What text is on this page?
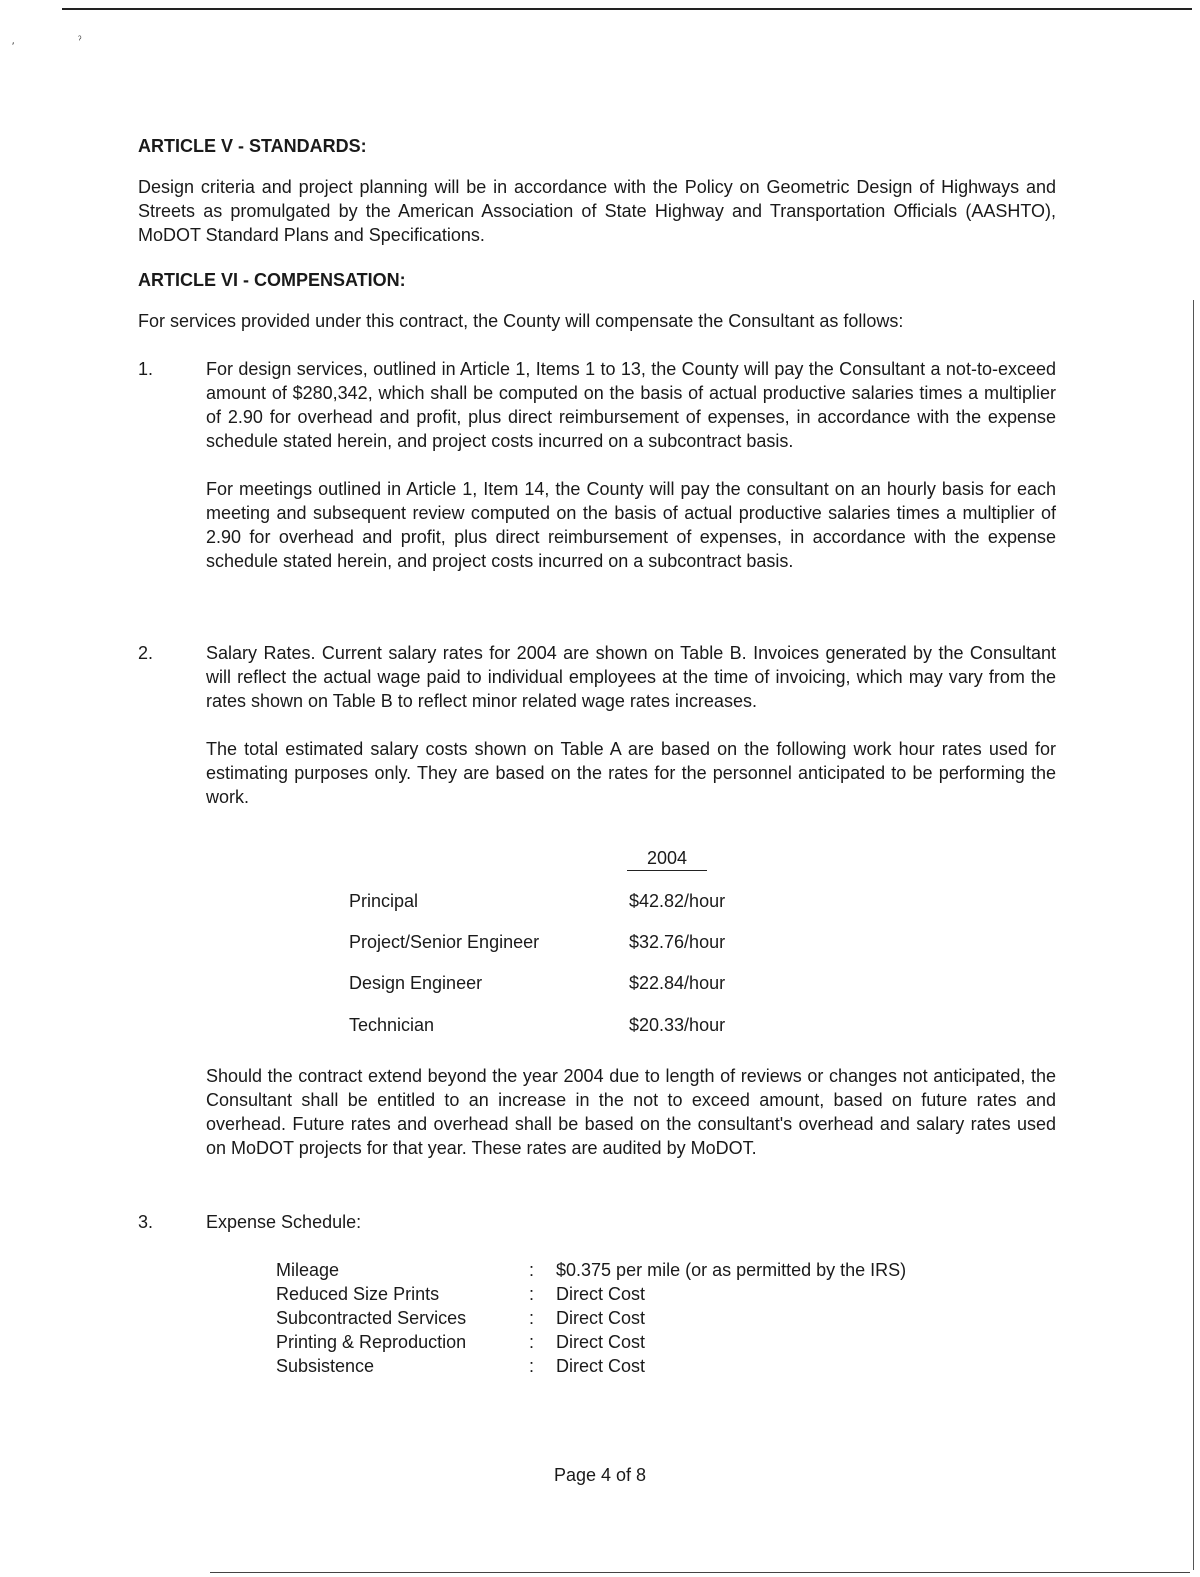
⸴	ˀ
ARTICLE V - STANDARDS:

Design criteria and project planning will be in accordance with the Policy on Geometric Design of Highways and Streets as promulgated by the American Association of State Highway and Transportation Officials (AASHTO), MoDOT Standard Plans and Specifications.

ARTICLE VI - COMPENSATION:

For services provided under this contract, the County will compensate the Consultant as follows:

1.	For design services, outlined in Article 1, Items 1 to 13, the County will pay the Consultant a not-to-exceed amount of $280,342, which shall be computed on the basis of actual productive salaries times a multiplier of 2.90 for overhead and profit, plus direct reimbursement of expenses, in accordance with the expense schedule stated herein, and project costs incurred on a subcontract basis.

For meetings outlined in Article 1, Item 14, the County will pay the consultant on an hourly basis for each meeting and subsequent review computed on the basis of actual productive salaries times a multiplier of 2.90 for overhead and profit, plus direct reimbursement of expenses, in accordance with the expense schedule stated herein, and project costs incurred on a subcontract basis.

2.	Salary Rates. Current salary rates for 2004 are shown on Table B. Invoices generated by the Consultant will reflect the actual wage paid to individual employees at the time of invoicing, which may vary from the rates shown on Table B to reflect minor related wage rates increases.

The total estimated salary costs shown on Table A are based on the following work hour rates used for estimating purposes only. They are based on the rates for the personnel anticipated to be performing the work.

2004
Principal	$42.82/hour
Project/Senior Engineer	$32.76/hour
Design Engineer	$22.84/hour
Technician	$20.33/hour

Should the contract extend beyond the year 2004 due to length of reviews or changes not anticipated, the Consultant shall be entitled to an increase in the not to exceed amount, based on future rates and overhead. Future rates and overhead shall be based on the consultant's overhead and salary rates used on MoDOT projects for that year. These rates are audited by MoDOT.

3.	Expense Schedule:

Mileage	: $0.375 per mile (or as permitted by the IRS)
Reduced Size Prints	: Direct Cost
Subcontracted Services	: Direct Cost
Printing & Reproduction	: Direct Cost
Subsistence	: Direct Cost
Page 4 of 8
